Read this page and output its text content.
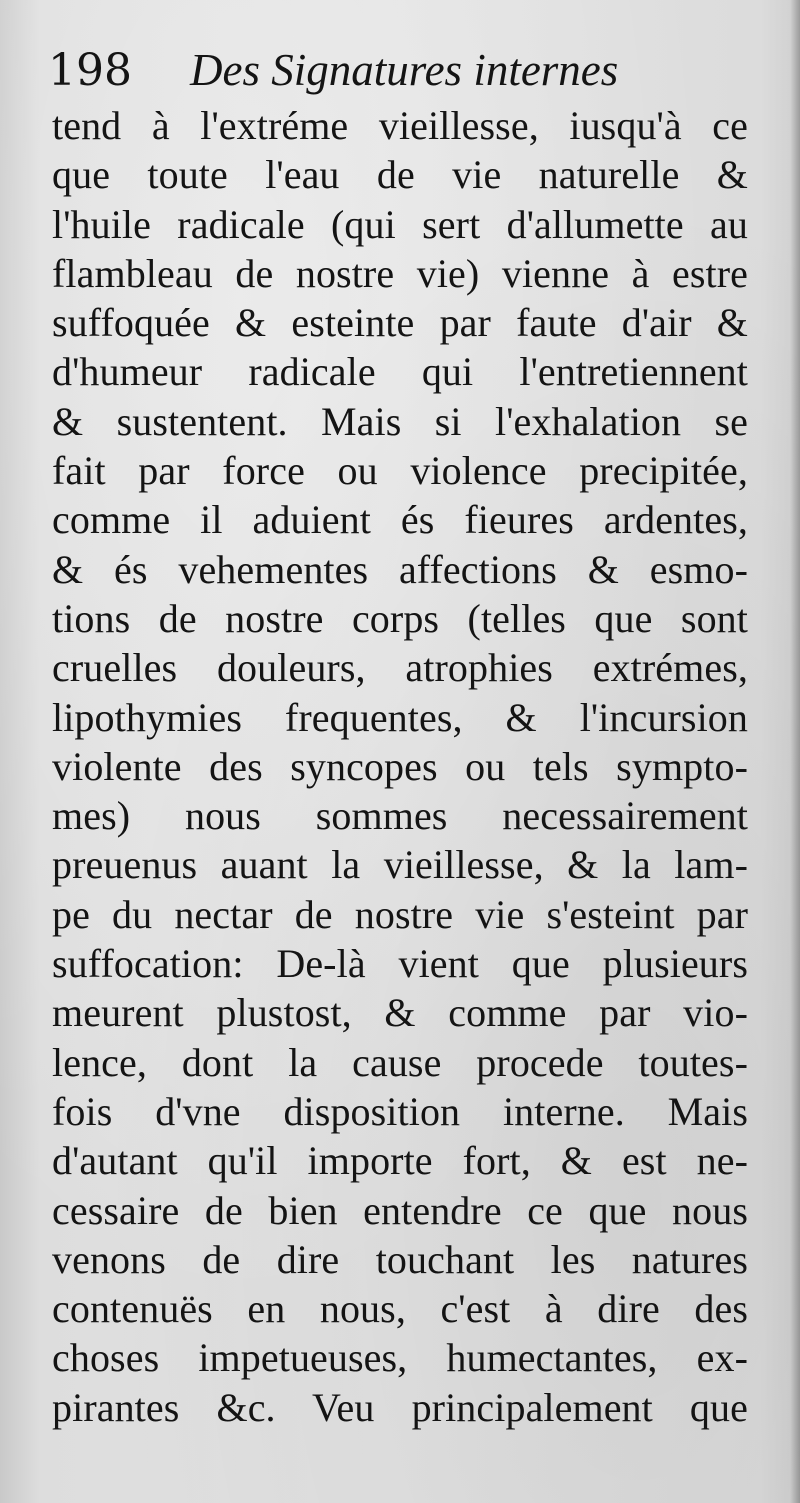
198 Des Signatures internes
tend à l'extréme vieillesse, iusqu'à ce
que toute l'eau de vie naturelle &
l'huile radicale (qui sert d'allumette au
flambleau de nostre vie) vienne à estre
suffoquée & esteinte par faute d'air &
d'humeur radicale qui l'entretiennent
& sustentent. Mais si l'exhalation se
fait par force ou violence precipitée,
comme il aduient és fieures ardentes,
& és vehementes affections & esmo-
tions de nostre corps (telles que sont
cruelles douleurs, atrophies extrémes,
lipothymies frequentes, & l'incursion
violente des syncopes ou tels sympto-
mes) nous sommes necessairement
preuenus auant la vieillesse, & la lam-
pe du nectar de nostre vie s'esteint par
suffocation: De-là vient que plusieurs
meurent plustost, & comme par vio-
lence, dont la cause procede toutes-
fois d'vne disposition interne. Mais
d'autant qu'il importe fort, & est ne-
cessaire de bien entendre ce que nous
venons de dire touchant les natures
contenuës en nous, c'est à dire des
choses impetueuses, humectantes, ex-
pirantes &c. Veu principalement que
